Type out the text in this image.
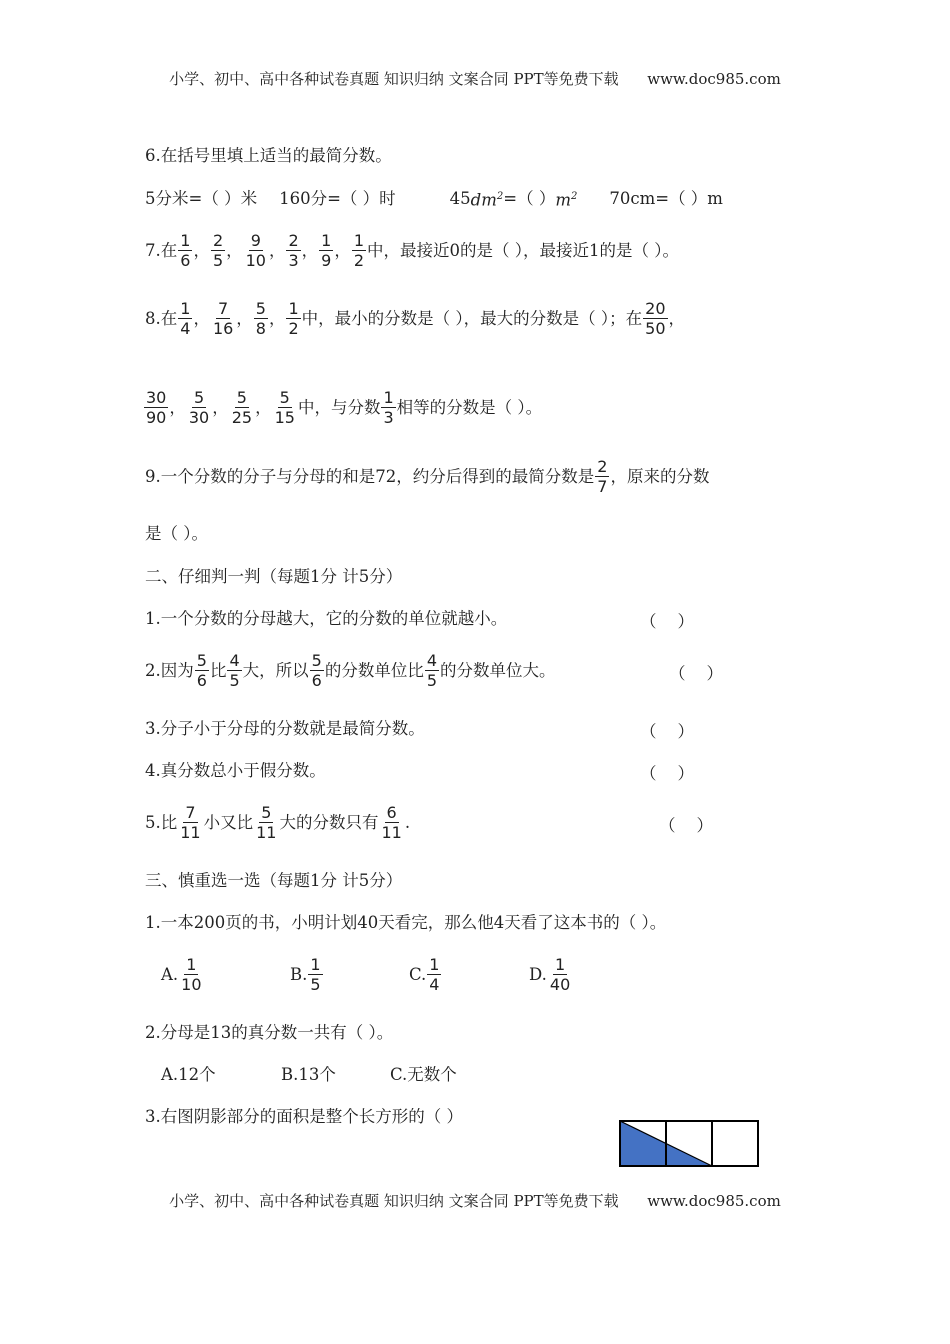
小学、初中、高中各种试卷真题 知识归纳 文案合同 PPT等免费下载      www.doc985.com
6.在括号里填上适当的最简分数。
5分米=（ ）米 160分=（ ）时	45 $dm^2$ =（ ） $m^2$ 70cm=（ ）m
7.在 1
6
， 2
5
， 9
10
， 2
3
， 1
9
， 1
2
中，最接近0的是（ ），最接近1的是（ ）。
8.在 1
4
， 7
16
， 5
8
， 1
2
中，最小的分数是（ ），最大的分数是（ ）；在 20
50
，
30
90
， 5
30
， 5
25
， 5
15
中，与分数 1
3
相等的分数是（ ）。
9.一个分数的分子与分母的和是72，约分后得到的最简分数是 2
7
，原来的分数
是（ ）。
二、仔细判一判（每题1分 计5分）
1.一个分数的分母越大，它的分数的单位就越小。	（    ）
2.因为 5
6
比 4
5
大，所以 5
6
的分数单位比 4
5
的分数单位大。	（    ）
3.分子小于分母的分数就是最简分数。	（    ）
4.真分数总小于假分数。	（    ）
5.比 7
11
小又比 5
11
大的分数只有 6
11
.	（    ）
三、慎重选一选（每题1分 计5分）
1.一本200页的书，小明计划40天看完，那么他4天看了这本书的（ ）。
A. 1
10
B. 1
5
C. 1
4
D. 1
40
2.分母是13的真分数一共有（ ）。
A.12个	B.13个	C.无数个
3.右图阴影部分的面积是整个长方形的（ ）
小学、初中、高中各种试卷真题 知识归纳 文案合同 PPT等免费下载      www.doc985.com
